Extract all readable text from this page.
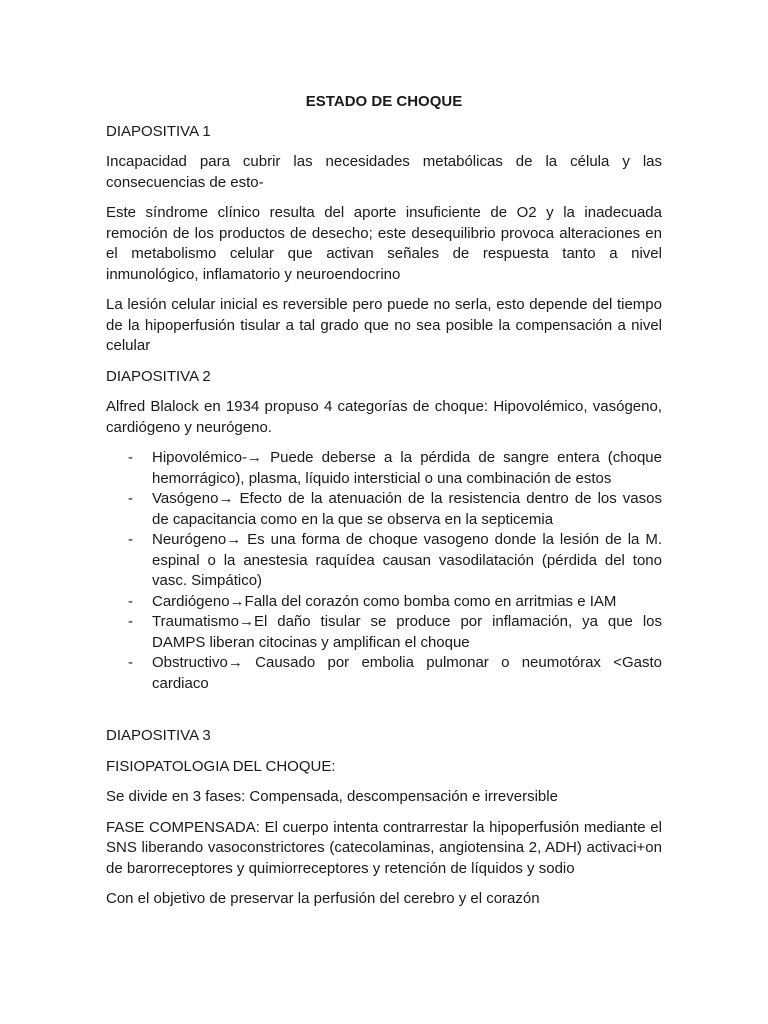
ESTADO DE CHOQUE

DIAPOSITIVA 1

Incapacidad para cubrir las necesidades metabólicas de la célula y las consecuencias de esto-

Este síndrome clínico resulta del aporte insuficiente de O2 y la inadecuada remoción de los productos de desecho; este desequilibrio provoca alteraciones en el metabolismo celular que activan señales de respuesta tanto a nivel inmunológico, inflamatorio y neuroendocrino

La lesión celular inicial es reversible pero puede no serla, esto depende del tiempo de la hipoperfusión tisular a tal grado que no sea posible la compensación a nivel celular

DIAPOSITIVA 2

Alfred Blalock en 1934 propuso 4 categorías de choque: Hipovolémico, vasógeno, cardiógeno y neurógeno.

- Hipovolémico-→ Puede deberse a la pérdida de sangre entera (choque hemorrágico), plasma, líquido intersticial o una combinación de estos
- Vasógeno→ Efecto de la atenuación de la resistencia dentro de los vasos de capacitancia como en la que se observa en la septicemia
- Neurógeno→ Es una forma de choque vasogeno donde la lesión de la M. espinal o la anestesia raquídea causan vasodilatación (pérdida del tono vasc. Simpático)
- Cardiógeno→Falla del corazón como bomba como en arritmias e IAM
- Traumatismo→El daño tisular se produce por inflamación, ya que los DAMPS liberan citocinas y amplifican el choque
- Obstructivo→ Causado por embolia pulmonar o neumotórax <Gasto cardiaco

DIAPOSITIVA 3

FISIOPATOLOGIA DEL CHOQUE:

Se divide en 3 fases: Compensada, descompensación e irreversible

FASE COMPENSADA: El cuerpo intenta contrarrestar la hipoperfusión mediante el SNS liberando vasoconstrictores (catecolaminas, angiotensina 2, ADH) activaci+on de barorreceptores y quimiorreceptores y retención de líquidos y sodio

Con el objetivo de preservar la perfusión del cerebro y el corazón
